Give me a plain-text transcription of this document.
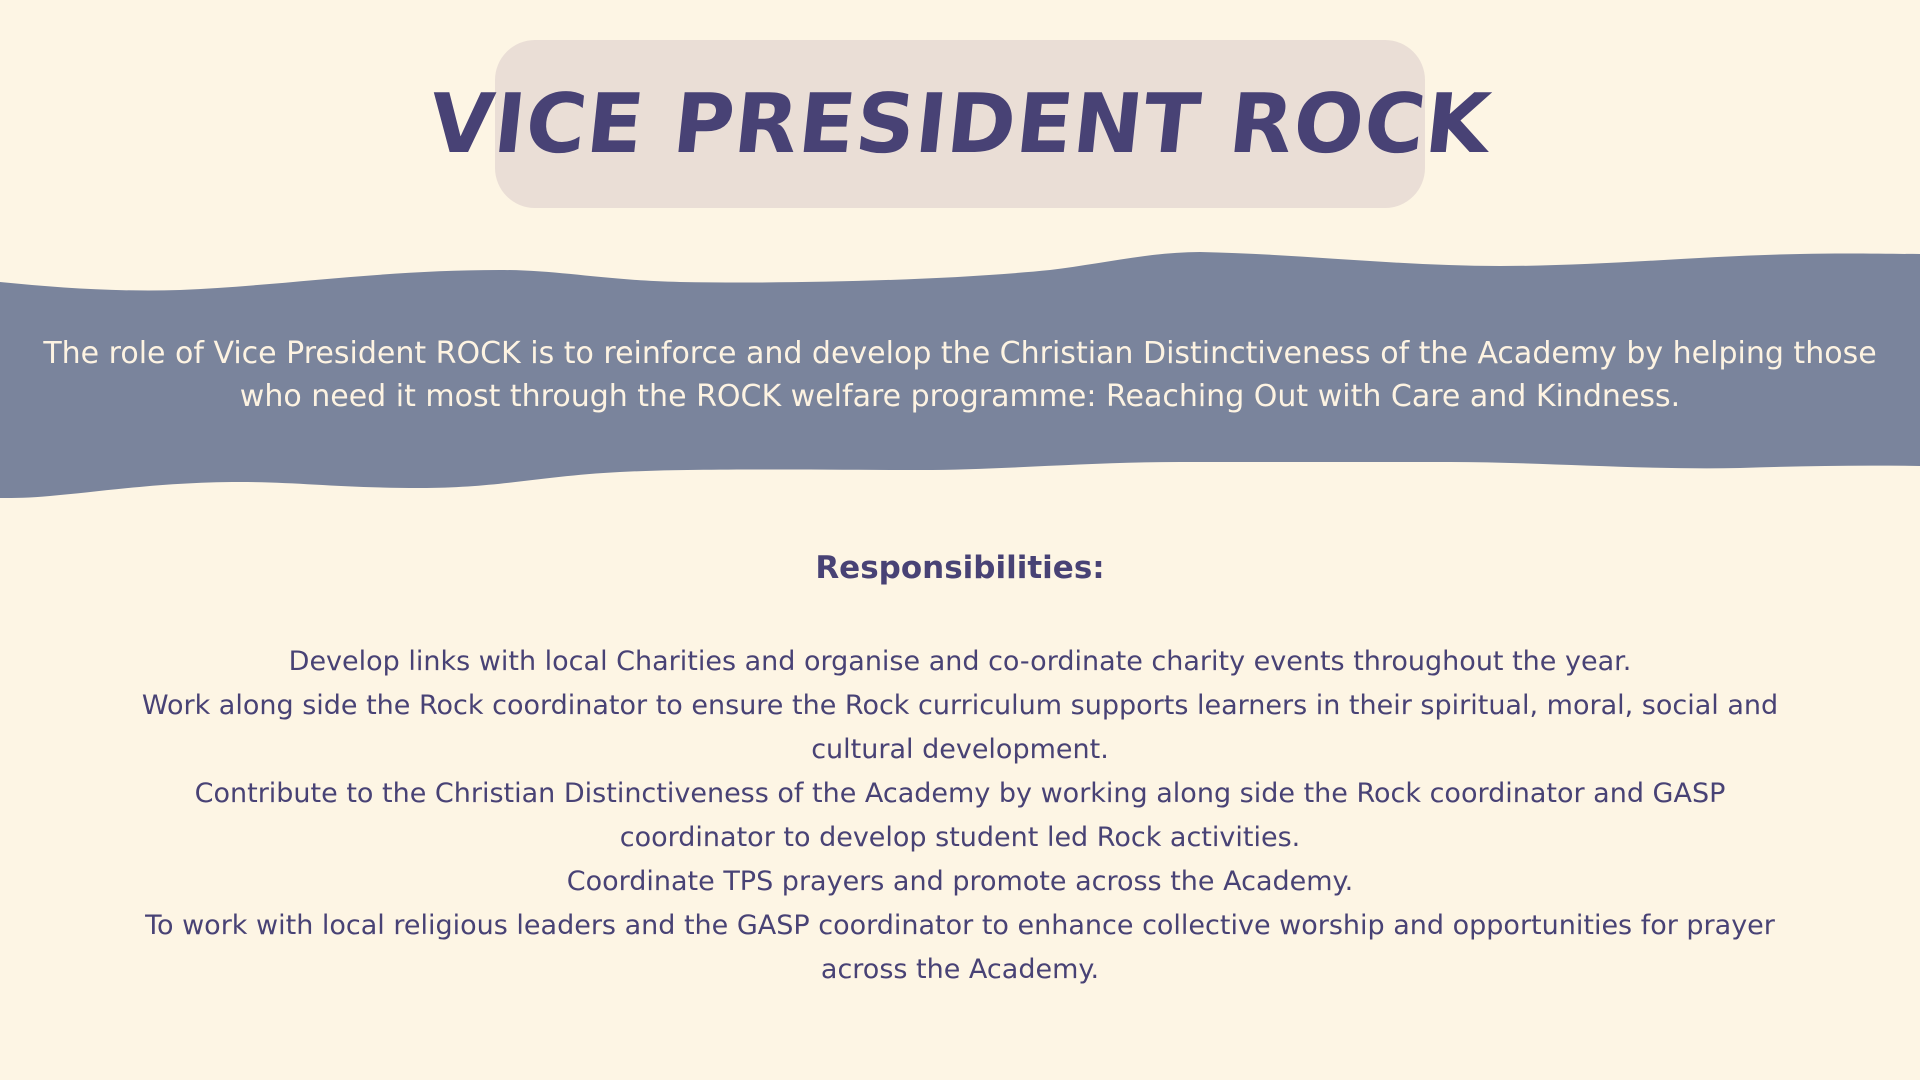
VICE PRESIDENT ROCK
The role of Vice President ROCK is to reinforce and develop the Christian Distinctiveness of the Academy by helping those who need it most through the ROCK welfare programme: Reaching Out with Care and Kindness.
Responsibilities:
Develop links with local Charities and organise and co-ordinate charity events throughout the year.
Work along side the Rock coordinator to ensure the Rock curriculum supports learners in their spiritual, moral, social and cultural development.
Contribute to the Christian Distinctiveness of the Academy by working along side the Rock coordinator and GASP coordinator to develop student led Rock activities.
Coordinate TPS prayers and promote across the Academy.
To work with local religious leaders and the GASP coordinator to enhance collective worship and opportunities for prayer across the Academy.
